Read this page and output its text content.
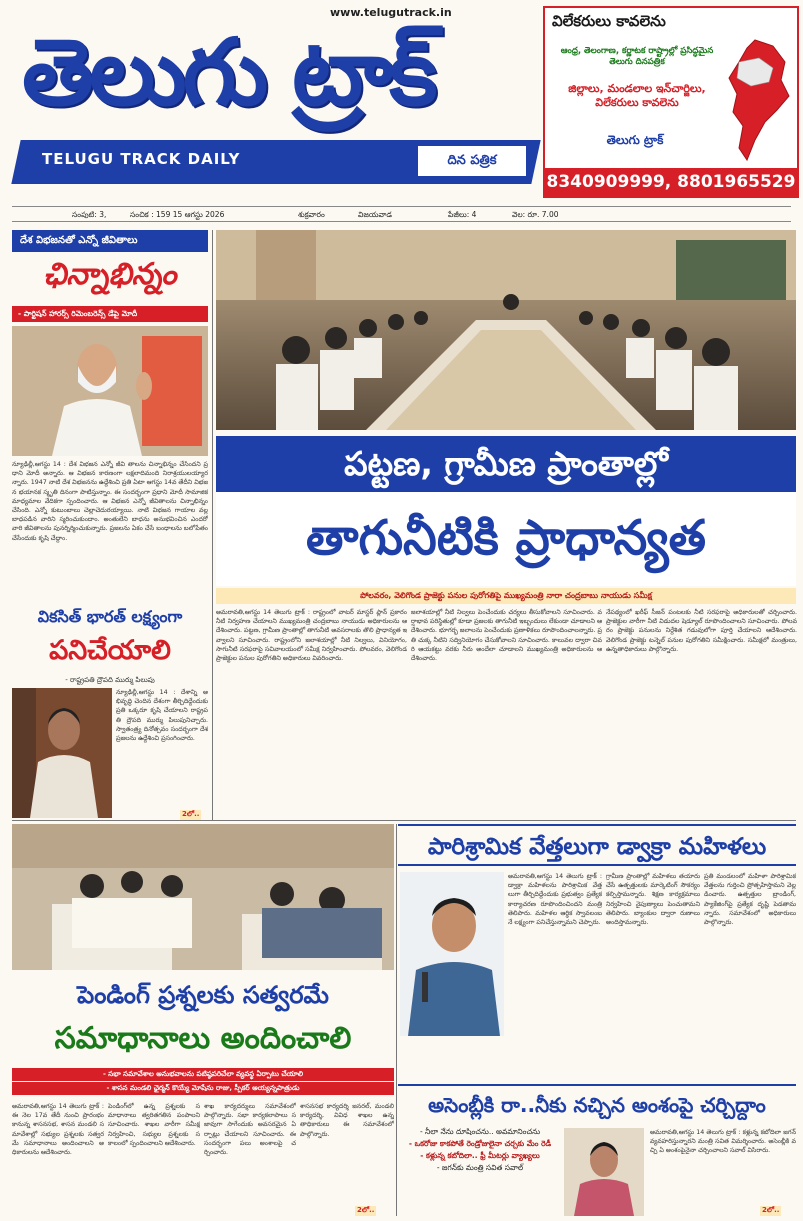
www.telugutrack.in
తెలుగు ట్రాక్
TELUGU TRACK DAILY	దిన పత్రిక
విలేకరులు కావలెను
ఆంధ్ర, తెలంగాణ, కర్ణాటక రాష్ట్రాల్లో ప్రసిద్ధమైన తెలుగు దినపత్రిక
జిల్లాలు, మండలాల ఇన్‌చార్జిలు, విలేకరులు కావలెను
తెలుగు ట్రాక్
8340909999, 8801965529
సంపుటి: 3,	సంచిక : 159 15 ఆగస్టు 2026	శుక్రవారం	విజయవాడ	పేజీలు: 4	వెల: రూ. 7.00
దేశ విభజనతో ఎన్నో జీవితాలు
ఛిన్నాభిన్నం
- పార్టిషన్ హారర్స్ రిమెంబరెన్స్ డేపై మోదీ
న్యూఢిల్లీ,ఆగస్టు 14 : దేశ విభజన ఎన్నో జీవి తాలను చిన్నాభిన్నం చేసిందని ప్రధాని మోదీ అన్నారు. ఆ విభజన కారణంగా లక్షలాదిమంది నిరాశ్రయులయ్యారన్నారు. 1947 నాటి దేశ విభజనను ఉద్దేశించి ప్రతి ఏటా ఆగస్టు 14వ తేదీని విభజన భయానక స్మృతి దినంగా పాటిస్తున్నాం. ఈ సందర్భంగా ప్రధాని మోదీ సామాజిక మాధ్యమాల వేదికగా స్పందించారు. ఆ విభజన ఎన్నో జీవితాలను చిన్నాభిన్నం చేసింది. ఎన్నో కుటుంబాలు చెల్లాచెదురయ్యాయి. నాటి విభజన గాయాల వల్ల బాధపడిన వారిని స్మరించుకుందాం. అంతులేని బాధను అనుభవించిన ఎందరో వారి జీవితాలను పునర్నిర్మించుకున్నారు. ప్రజలను ఏకం చేసే బంధాలను బలోపేతం చేసేందుకు కృషి చేద్దాం.
పట్టణ, గ్రామీణ ప్రాంతాల్లో
తాగునీటికి ప్రాధాన్యత
పోలవరం, వెలిగొండ ప్రాజెక్టు పనుల పురోగతిపై ముఖ్యమంత్రి నారా చంద్రబాబు నాయుడు సమీక్ష
అమరావతి,ఆగస్టు 14 తెలుగు ట్రాక్ : రాష్ట్రంలో వాటర్ మాస్టర్ ప్లాన్ ప్రకారం నీటి నిర్వహణ చేయాలని ముఖ్యమంత్రి చంద్రబాబు నాయుడు అధికారులను ఆదేశించారు. పట్టణ, గ్రామీణ ప్రాంతాల్లో తాగునీటి అవసరాలకు తొలి ప్రాధాన్యత ఇవ్వాలని సూచించారు. రాష్ట్రంలోని జలాశయాల్లో నీటి నిల్వలు, వినియోగం, సాగునీటి సరఫరాపై సచివాలయంలో సమీక్ష నిర్వహించారు. పోలవరం, వెలిగొండ ప్రాజెక్టుల పనుల పురోగతిని అధికారులు వివరించారు.
జలాశయాల్లో నీటి నిల్వలు పెంచేందుకు చర్యలు తీసుకోవాలని సూచించారు. వర్షాభావ పరిస్థితుల్లో కూడా ప్రజలకు తాగునీటి ఇబ్బందులు లేకుండా చూడాలని ఆదేశించారు. భూగర్భ జలాలను పెంచేందుకు ప్రణాళికలు రూపొందించాలన్నారు. ప్రతి చుక్క నీటిని సద్వినియోగం చేసుకోవాలని సూచించారు. కాలువల ద్వారా చివరి ఆయకట్టు వరకు నీరు అందేలా చూడాలని ముఖ్యమంత్రి అధికారులను ఆదేశించారు.
నేపథ్యంలో ఖరీఫ్ సీజన్ పంటలకు నీటి సరఫరాపై అధికారులతో చర్చించారు. ప్రాజెక్టుల వారీగా నీటి విడుదల షెడ్యూల్ రూపొందించాలని సూచించారు. పోలవరం ప్రాజెక్టు పనులను నిర్దేశిత గడువులోగా పూర్తి చేయాలని ఆదేశించారు. వెలిగొండ ప్రాజెక్టు టన్నెల్ పనుల పురోగతిని సమీక్షించారు. సమీక్షలో మంత్రులు, ఉన్నతాధికారులు పాల్గొన్నారు.
వికసిత్ భారత్ లక్ష్యంగా
పనిచేయాలి
- రాష్ట్రపతి ద్రౌపది ముర్ము పిలుపు
న్యూఢిల్లీ,ఆగస్టు 14 : దేశాన్ని అభివృద్ధి చెందిన దేశంగా తీర్చిదిద్దేందుకు ప్రతి ఒక్కరూ కృషి చేయాలని రాష్ట్రపతి ద్రౌపది ముర్ము పిలుపునిచ్చారు. స్వాతంత్ర్య దినోత్సవం సందర్భంగా దేశ ప్రజలను ఉద్దేశించి ప్రసంగించారు.
2లో..
పెండింగ్ ప్రశ్నలకు సత్వరమే
సమాధానాలు అందించాలి
- సభా సమావేశాల అనుభవాలను పటిష్ఠపరిచేలా వ్యవస్థ ఏర్పాటు చేయాలి
- శాసన మండలి ఛైర్మన్ కొయ్యే మోషేను రాజు, స్పీకర్ అయ్యన్నపాత్రుడు
అమరావతి,ఆగస్టు 14 తెలుగు ట్రాక్ : ఈ నెల 17వ తేదీ నుంచి ప్రారంభం కానున్న శాసనసభ, శాసన మండలి సమావేశాల్లో సభ్యుల ప్రశ్నలకు సత్వరమే సమాధానాలు అందించాలని అధికారులను ఆదేశించారు.
పెండింగ్‌లో ఉన్న ప్రశ్నలకు సమాధానాలు త్వరితగతిన పంపాలని సూచించారు. శాఖల వారీగా సమీక్ష నిర్వహించి, సభ్యుల ప్రశ్నలకు సకాలంలో స్పందించాలని ఆదేశించారు.
శాఖ కార్యదర్శులు సమావేశంలో పాల్గొన్నారు. సభా కార్యకలాపాలు సజావుగా సాగేందుకు అవసరమైన ఏర్పాట్లు చేయాలని సూచించారు. ఈ సందర్భంగా పలు అంశాలపై చర్చించారు.
శాసనసభ కార్యదర్శి జనరల్, మండలి కార్యదర్శి, వివిధ శాఖల ఉన్నతాధికారులు ఈ సమావేశంలో పాల్గొన్నారు.
2లో..
పారిశ్రామిక వేత్తలుగా డ్వాక్రా మహిళలు
అమరావతి,ఆగస్టు 14 తెలుగు ట్రాక్ : డ్వాక్రా మహిళలను పారిశ్రామిక వేత్తలుగా తీర్చిదిద్దేందుకు ప్రభుత్వం ప్రత్యేక కార్యాచరణ రూపొందించిందని మంత్రి తెలిపారు. మహిళల ఆర్థిక స్వావలంబనే లక్ష్యంగా పనిచేస్తున్నామని చెప్పారు.
గ్రామీణ ప్రాంతాల్లో మహిళలు తయారు చేసే ఉత్పత్తులకు మార్కెటింగ్ సౌకర్యం కల్పిస్తామన్నారు. శిక్షణ కార్యక్రమాలు నిర్వహించి నైపుణ్యాలు పెంచుతామని తెలిపారు. బ్యాంకుల ద్వారా రుణాలు అందిస్తామన్నారు.
ప్రతి మండలంలో మహిళా పారిశ్రామిక వేత్తలను గుర్తించి ప్రోత్సహిస్తామని వెల్లడించారు. ఉత్పత్తుల బ్రాండింగ్, ప్యాకేజింగ్‌పై ప్రత్యేక దృష్టి పెడతామన్నారు. సమావేశంలో అధికారులు పాల్గొన్నారు.
అసెంబ్లీకి రా..నీకు నచ్చిన అంశంపై చర్చిద్దాం
- నీలా నేను దూషించను.. అవమానించను
- ఒకరోజు కాకపోతే రెండ్రోజులైనా చర్చకు మేం రెడీ
- కళ్లున్న కబోదిలా.. ఫ్రీ మీటర్లు వ్యాఖ్యలు
- జగన్‌కు మంత్రి సవిత సవాల్
అమరావతి,ఆగస్టు 14 తెలుగు ట్రాక్ : కళ్లున్న కబోదిలా జగన్ వ్యవహరిస్తున్నారని మంత్రి సవిత విమర్శించారు. అసెంబ్లీకి వచ్చి ఏ అంశంపైనైనా చర్చించాలని సవాల్ విసిరారు.
2లో..
